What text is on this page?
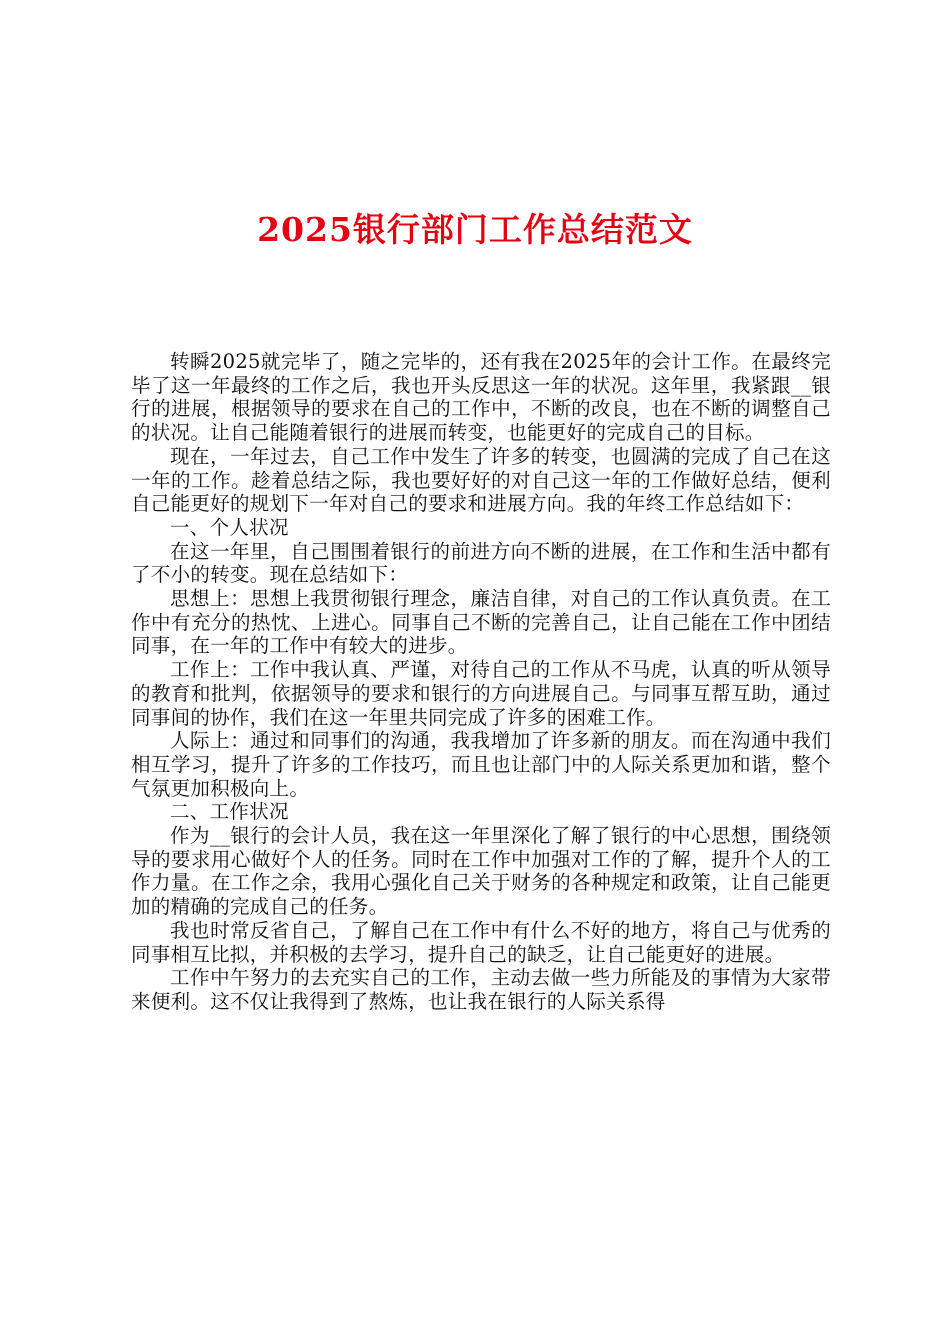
2025银行部门工作总结范文

转瞬2025就完毕了，随之完毕的，还有我在2025年的会计工作。在最终完毕了这一年最终的工作之后，我也开头反思这一年的状况。这年里，我紧跟__银行的进展，根据领导的要求在自己的工作中，不断的改良，也在不断的调整自己的状况。让自己能随着银行的进展而转变，也能更好的完成自己的目标。

现在，一年过去，自己工作中发生了许多的转变，也圆满的完成了自己在这一年的工作。趁着总结之际，我也要好好的对自己这一年的工作做好总结，便利自己能更好的规划下一年对自己的要求和进展方向。我的年终工作总结如下：

一、个人状况

在这一年里，自己围围着银行的前进方向不断的进展，在工作和生活中都有了不小的转变。现在总结如下：

思想上：思想上我贯彻银行理念，廉洁自律，对自己的工作认真负责。在工作中有充分的热忱、上进心。同事自己不断的完善自己，让自己能在工作中团结同事，在一年的工作中有较大的进步。

工作上：工作中我认真、严谨，对待自己的工作从不马虎，认真的听从领导的教育和批判，依据领导的要求和银行的方向进展自己。与同事互帮互助，通过同事间的协作，我们在这一年里共同完成了许多的困难工作。

人际上：通过和同事们的沟通，我我增加了许多新的朋友。而在沟通中我们相互学习，提升了许多的工作技巧，而且也让部门中的人际关系更加和谐，整个气氛更加积极向上。

二、工作状况

作为__银行的会计人员，我在这一年里深化了解了银行的中心思想，围绕领导的要求用心做好个人的任务。同时在工作中加强对工作的了解，提升个人的工作力量。在工作之余，我用心强化自己关于财务的各种规定和政策，让自己能更加的精确的完成自己的任务。

我也时常反省自己，了解自己在工作中有什么不好的地方，将自己与优秀的同事相互比拟，并积极的去学习，提升自己的缺乏，让自己能更好的进展。

工作中午努力的去充实自己的工作，主动去做一些力所能及的事情为大家带来便利。这不仅让我得到了熬炼，也让我在银行的人际关系得
